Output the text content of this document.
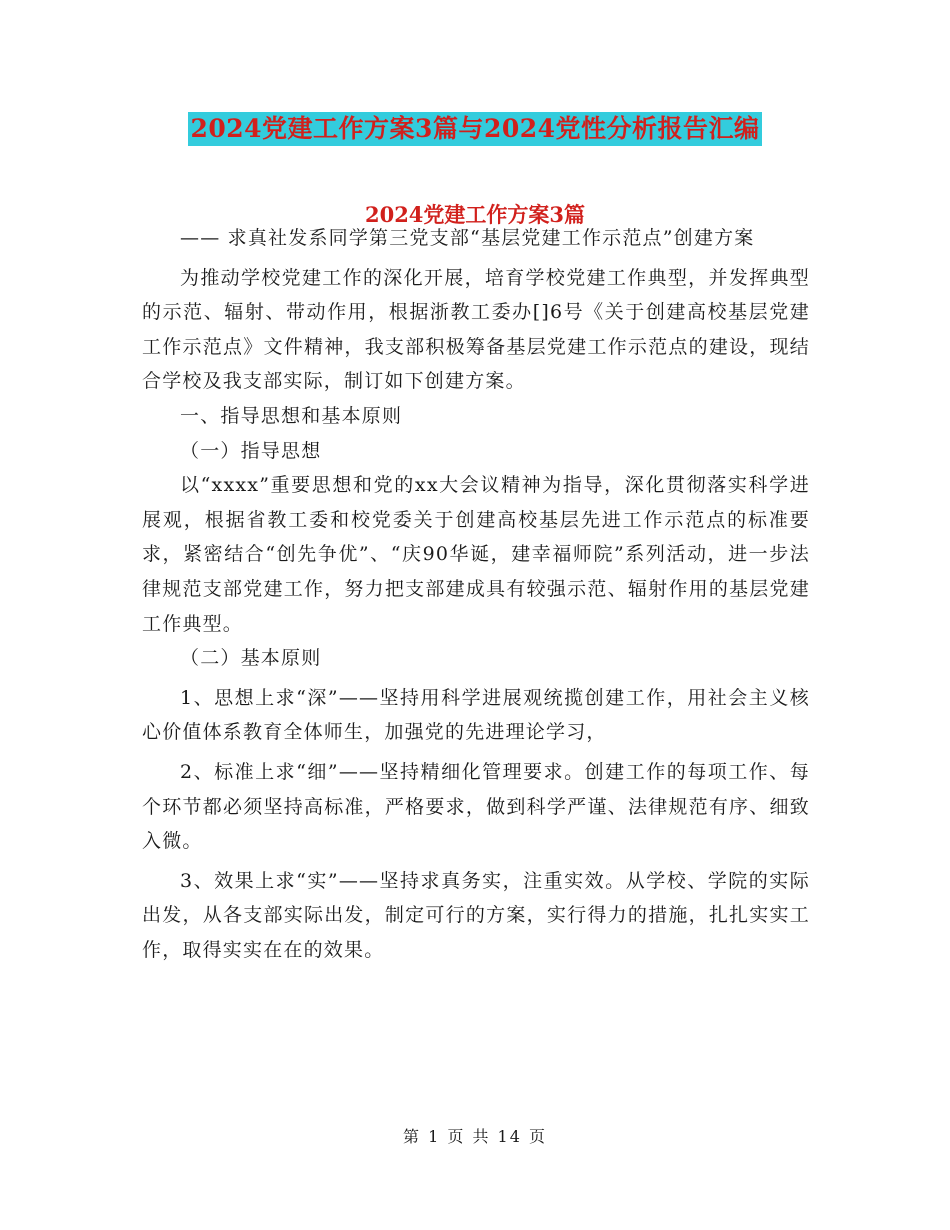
2024党建工作方案3篇与2024党性分析报告汇编
2024党建工作方案3篇

—— 求真社发系同学第三党支部“基层党建工作示范点”创建方案

为推动学校党建工作的深化开展，培育学校党建工作典型，并发挥典型的示范、辐射、带动作用，根据浙教工委办[]6号《关于创建高校基层党建工作示范点》文件精神，我支部积极筹备基层党建工作示范点的建设，现结合学校及我支部实际，制订如下创建方案。

一、指导思想和基本原则

（一）指导思想

以“xxxx”重要思想和党的xx大会议精神为指导，深化贯彻落实科学进展观，根据省教工委和校党委关于创建高校基层先进工作示范点的标准要求，紧密结合“创先争优”、“庆90华诞，建幸福师院”系列活动，进一步法律规范支部党建工作，努力把支部建成具有较强示范、辐射作用的基层党建工作典型。

（二）基本原则

1、思想上求“深”——坚持用科学进展观统揽创建工作，用社会主义核心价值体系教育全体师生，加强党的先进理论学习，

2、标准上求“细”——坚持精细化管理要求。创建工作的每项工作、每个环节都必须坚持高标准，严格要求，做到科学严谨、法律规范有序、细致入微。

3、效果上求“实”——坚持求真务实，注重实效。从学校、学院的实际出发，从各支部实际出发，制定可行的方案，实行得力的措施，扎扎实实工作，取得实实在在的效果。

第 1 页 共 14 页
